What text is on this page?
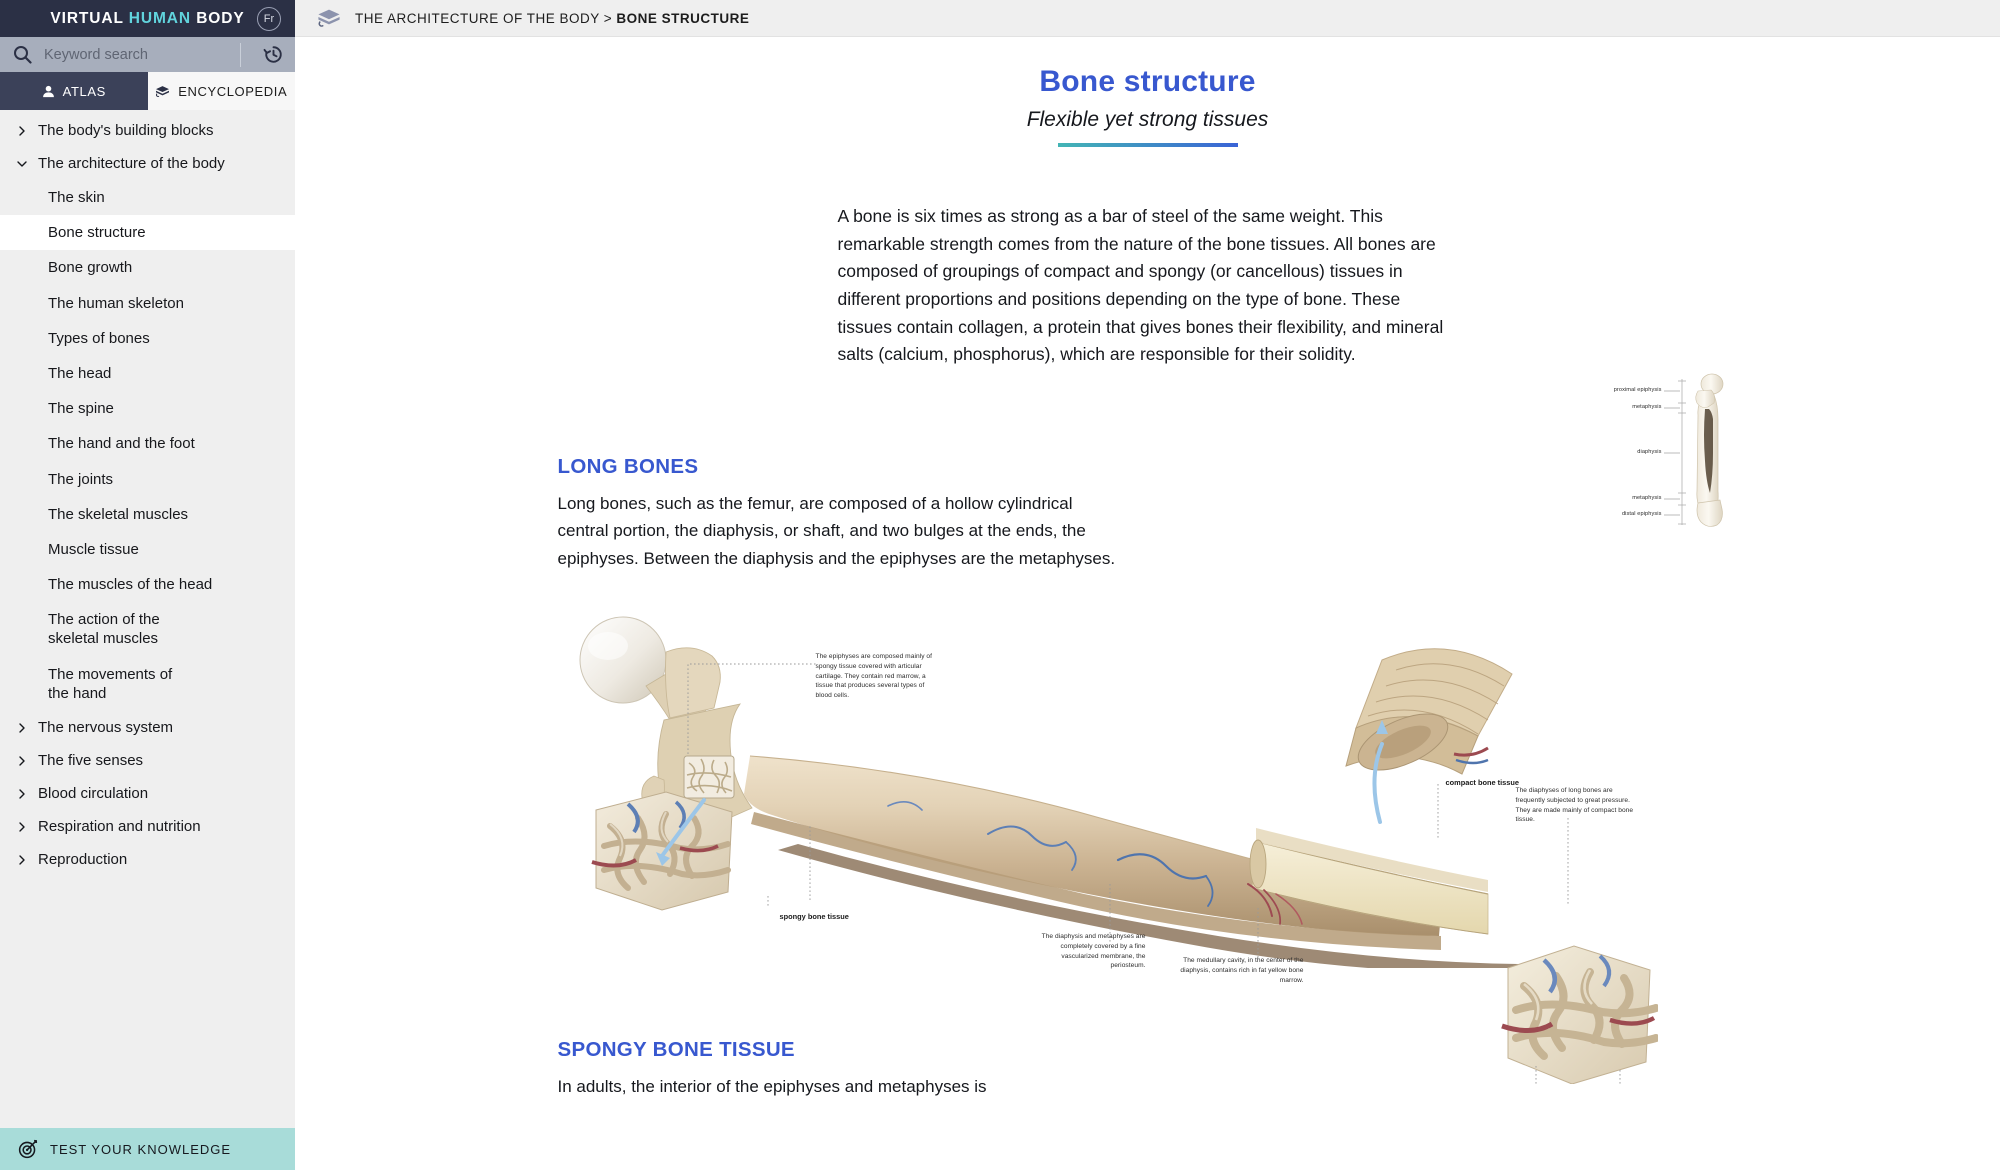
VIRTUAL HUMAN BODY Fr
Keyword search
ATLAS	ENCYCLOPEDIA
The body's building blocks
The architecture of the body
The skin
Bone structure
Bone growth
The human skeleton
Types of bones
The head
The spine
The hand and the foot
The joints
The skeletal muscles
Muscle tissue
The muscles of the head
The action of the skeletal muscles
The movements of the hand
The nervous system
The five senses
Blood circulation
Respiration and nutrition
Reproduction
TEST YOUR KNOWLEDGE
THE ARCHITECTURE OF THE BODY > BONE STRUCTURE
Bone structure
Flexible yet strong tissues

A bone is six times as strong as a bar of steel of the same weight. This remarkable strength comes from the nature of the bone tissues. All bones are composed of groupings of compact and spongy (or cancellous) tissues in different proportions and positions depending on the type of bone. These tissues contain collagen, a protein that gives bones their flexibility, and mineral salts (calcium, phosphorus), which are responsible for their solidity.

proximal epiphysis
metaphysis
diaphysis
metaphysis
distal epiphysis
LONG BONES

Long bones, such as the femur, are composed of a hollow cylindrical central portion, the diaphysis, or shaft, and two bulges at the ends, the epiphyses. Between the diaphysis and the epiphyses are the metaphyses.

The epiphyses are composed mainly of spongy tissue covered with articular cartilage. They contain red marrow, a tissue that produces several types of blood cells.
spongy bone tissue
compact bone tissue
The diaphysis and metaphyses are completely covered by a fine vascularized membrane, the periosteum.
The medullary cavity, in the center of the diaphysis, contains rich in fat yellow bone marrow.
The diaphyses of long bones are frequently subjected to great pressure. They are made mainly of compact bone tissue.
SPONGY BONE TISSUE

In adults, the interior of the epiphyses and metaphyses is
